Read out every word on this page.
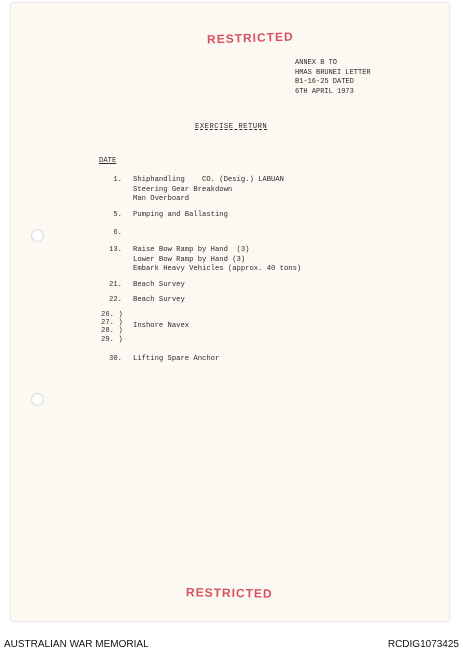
RESTRICTED
ANNEX B TO
HMAS BRUNEI LETTER
B1-16-25 DATED
6TH APRIL 1973
EXERCISE RETURN
DATE
1. Shiphandling    CO. (Desig.) LABUAN
Steering Gear Breakdown
Man Overboard
5. Pumping and Ballasting
6.
13. Raise Bow Ramp by Hand  (3)
Lower Bow Ramp by Hand (3)
Embark Heavy Vehicles (approx. 40 tons)
21. Beach Survey
22. Beach Survey
26. )
27. )
28. )
29. )
Inshore Navex
30. Lifting Spare Anchor
RESTRICTED
AUSTRALIAN WAR MEMORIAL	RCDIG1073425
